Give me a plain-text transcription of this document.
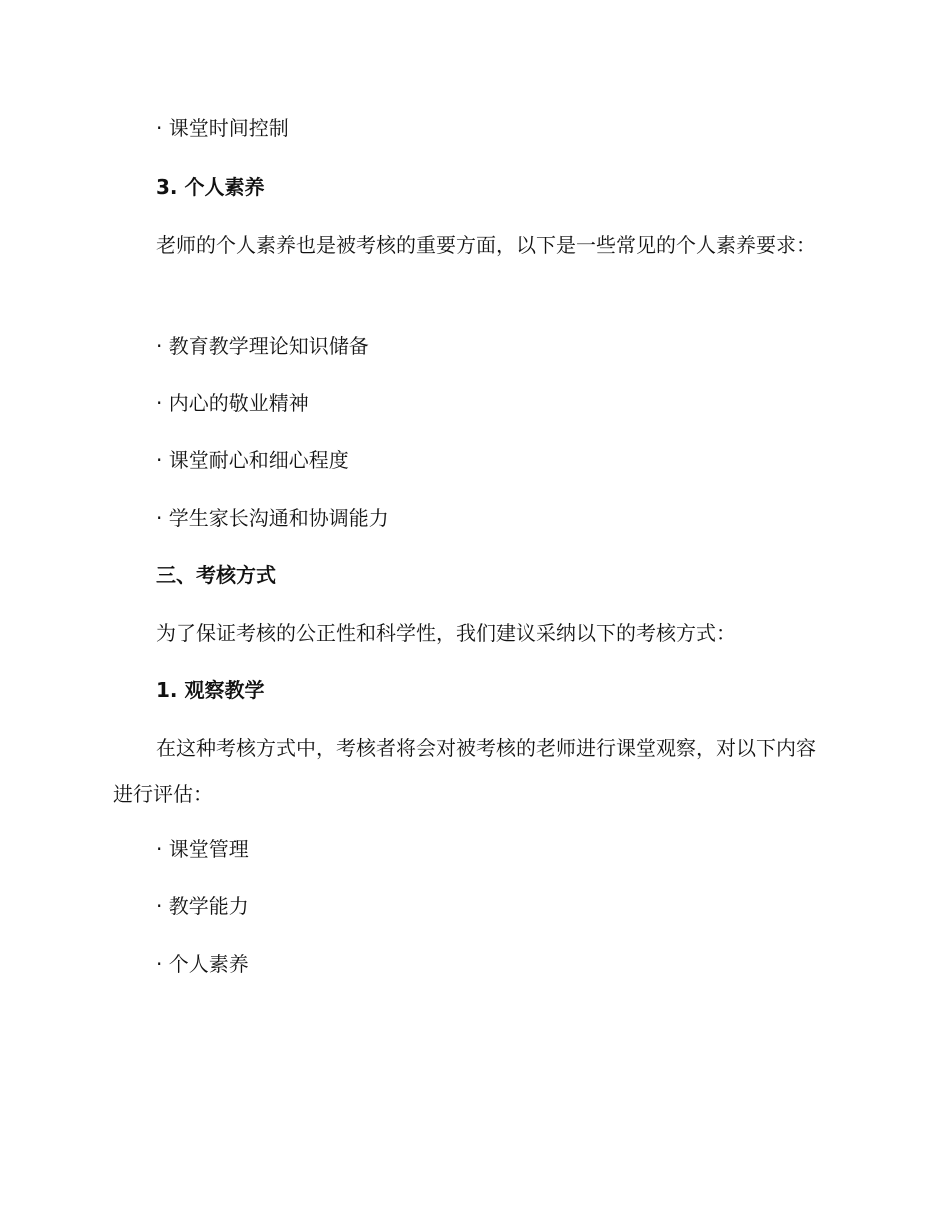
· 课堂时间控制
3. 个人素养
老师的个人素养也是被考核的重要方面，以下是一些常见的个人素养要求：
· 教育教学理论知识储备
· 内心的敬业精神
· 课堂耐心和细心程度
· 学生家长沟通和协调能力
三、考核方式
为了保证考核的公正性和科学性，我们建议采纳以下的考核方式：
1. 观察教学
在这种考核方式中，考核者将会对被考核的老师进行课堂观察，对以下内容进行评估：
· 课堂管理
· 教学能力
· 个人素养
